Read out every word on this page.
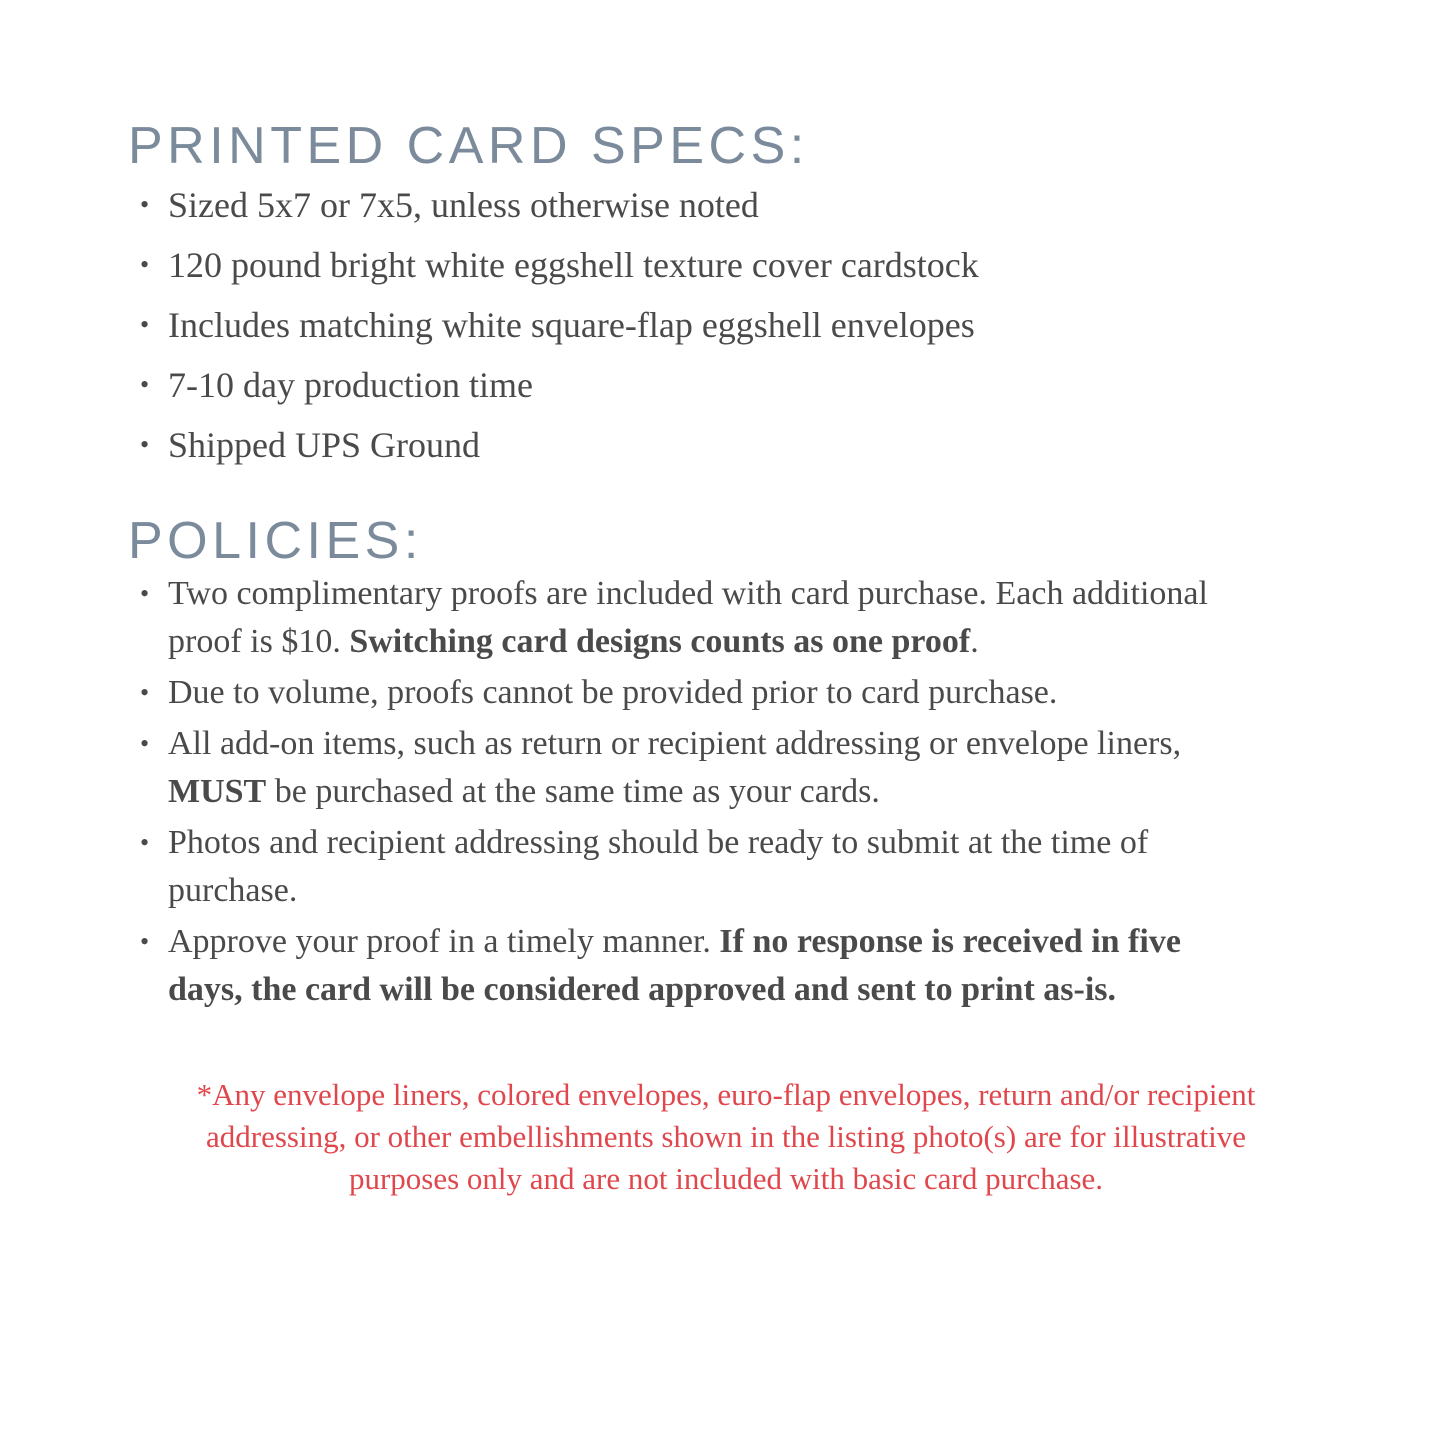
PRINTED CARD SPECS:
• Sized 5x7 or 7x5, unless otherwise noted
• 120 pound bright white eggshell texture cover cardstock
• Includes matching white square-flap eggshell envelopes
• 7-10 day production time
• Shipped UPS Ground
POLICIES:
• Two complimentary proofs are included with card purchase. Each additional proof is $10. Switching card designs counts as one proof.
• Due to volume, proofs cannot be provided prior to card purchase.
• All add-on items, such as return or recipient addressing or envelope liners, MUST be purchased at the same time as your cards.
• Photos and recipient addressing should be ready to submit at the time of purchase.
• Approve your proof in a timely manner. If no response is received in five days, the card will be considered approved and sent to print as-is.

*Any envelope liners, colored envelopes, euro-flap envelopes, return and/or recipient addressing, or other embellishments shown in the listing photo(s) are for illustrative purposes only and are not included with basic card purchase.
